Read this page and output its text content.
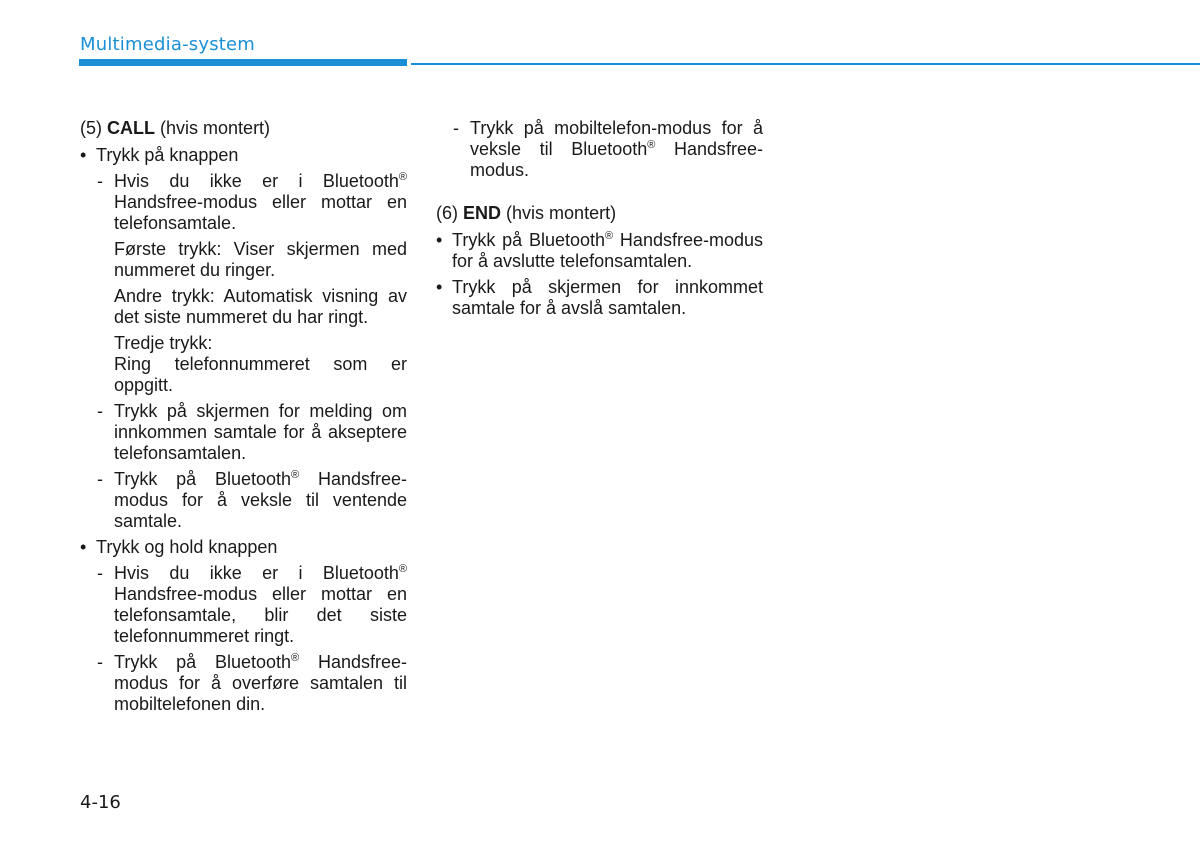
Multimedia-system
(5) CALL (hvis montert)
• Trykk på knappen
- Hvis du ikke er i Bluetooth® Handsfree-modus eller mottar en telefonsamtale.
Første trykk: Viser skjermen med nummeret du ringer.
Andre trykk: Automatisk visning av det siste nummeret du har ringt.
Tredje trykk:
Ring telefonnummeret som er oppgitt.
- Trykk på skjermen for melding om innkommen samtale for å akseptere telefonsamtalen.
- Trykk på Bluetooth® Handsfree-modus for å veksle til ventende samtale.
• Trykk og hold knappen
- Hvis du ikke er i Bluetooth® Handsfree-modus eller mottar en telefonsamtale, blir det siste telefonnummeret ringt.
- Trykk på Bluetooth® Handsfree-modus for å overføre samtalen til mobiltelefonen din.
- Trykk på mobiltelefon-modus for å veksle til Bluetooth® Handsfree-modus.
(6) END (hvis montert)
• Trykk på Bluetooth® Handsfree-modus for å avslutte telefonsamtalen.
• Trykk på skjermen for innkommet samtale for å avslå samtalen.
4-16
